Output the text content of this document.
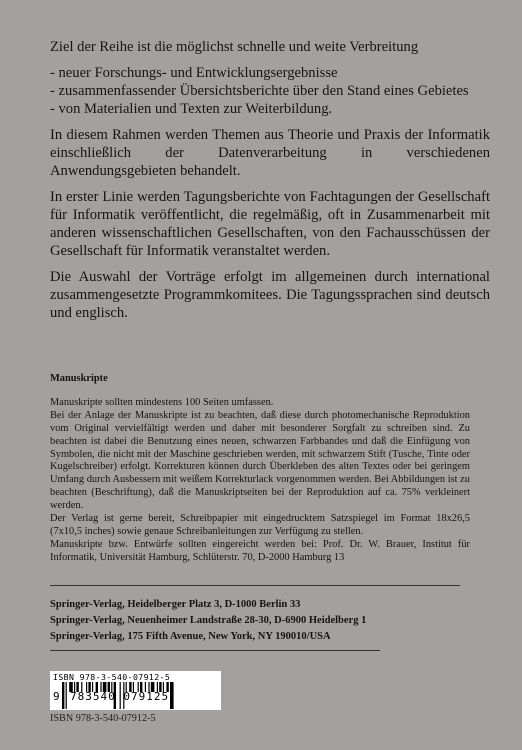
Ziel der Reihe ist die möglichst schnelle und weite Verbreitung

- neuer Forschungs- und Entwicklungsergebnisse
- zusammenfassender Übersichtsberichte über den Stand eines Gebietes
- von Materialien und Texten zur Weiterbildung.

In diesem Rahmen werden Themen aus Theorie und Praxis der Informatik einschließlich der Datenverarbeitung in verschiedenen Anwendungsgebieten behandelt.

In erster Linie werden Tagungsberichte von Fachtagungen der Gesellschaft für Informatik veröffentlicht, die regelmäßig, oft in Zusammenarbeit mit anderen wissenschaftlichen Gesellschaften, von den Fachausschüssen der Gesellschaft für Informatik veranstaltet werden.

Die Auswahl der Vorträge erfolgt im allgemeinen durch international zusammengesetzte Programmkomitees. Die Tagungssprachen sind deutsch und englisch.

Manuskripte

Manuskripte sollten mindestens 100 Seiten umfassen.

Bei der Anlage der Manuskripte ist zu beachten, daß diese durch photomechanische Reproduktion vom Original vervielfältigt werden und daher mit besonderer Sorgfalt zu schreiben sind. Zu beachten ist dabei die Benutzung eines neuen, schwarzen Farbbandes und daß die Einfügung von Symbolen, die nicht mit der Maschine geschrieben werden, mit schwarzem Stift (Tusche, Tinte oder Kugelschreiber) erfolgt. Korrekturen können durch Überkleben des alten Textes oder bei geringem Umfang durch Ausbessern mit weißem Korrekturlack vorgenommen werden. Bei Abbildungen ist zu beachten (Beschriftung), daß die Manuskriptseiten bei der Reproduktion auf ca. 75% verkleinert werden.

Der Verlag ist gerne bereit, Schreibpapier mit eingedrucktem Satzspiegel im Format 18x26,5 (7x10,5 inches) sowie genaue Schreibanleitungen zur Verfügung zu stellen.

Manuskripte bzw. Entwürfe sollten eingereicht werden bei: Prof. Dr. W. Brauer, Institut für Informatik, Universität Hamburg, Schlüterstr. 70, D-2000 Hamburg 13

Springer-Verlag, Heidelberger Platz 3, D-1000 Berlin 33
Springer-Verlag, Neuenheimer Landstraße 28-30, D-6900 Heidelberg 1
Springer-Verlag, 175 Fifth Avenue, New York, NY 190010/USA
ISBN 978-3-540-07912-5
9 783540 079125
ISBN 978-3-540-07912-5
